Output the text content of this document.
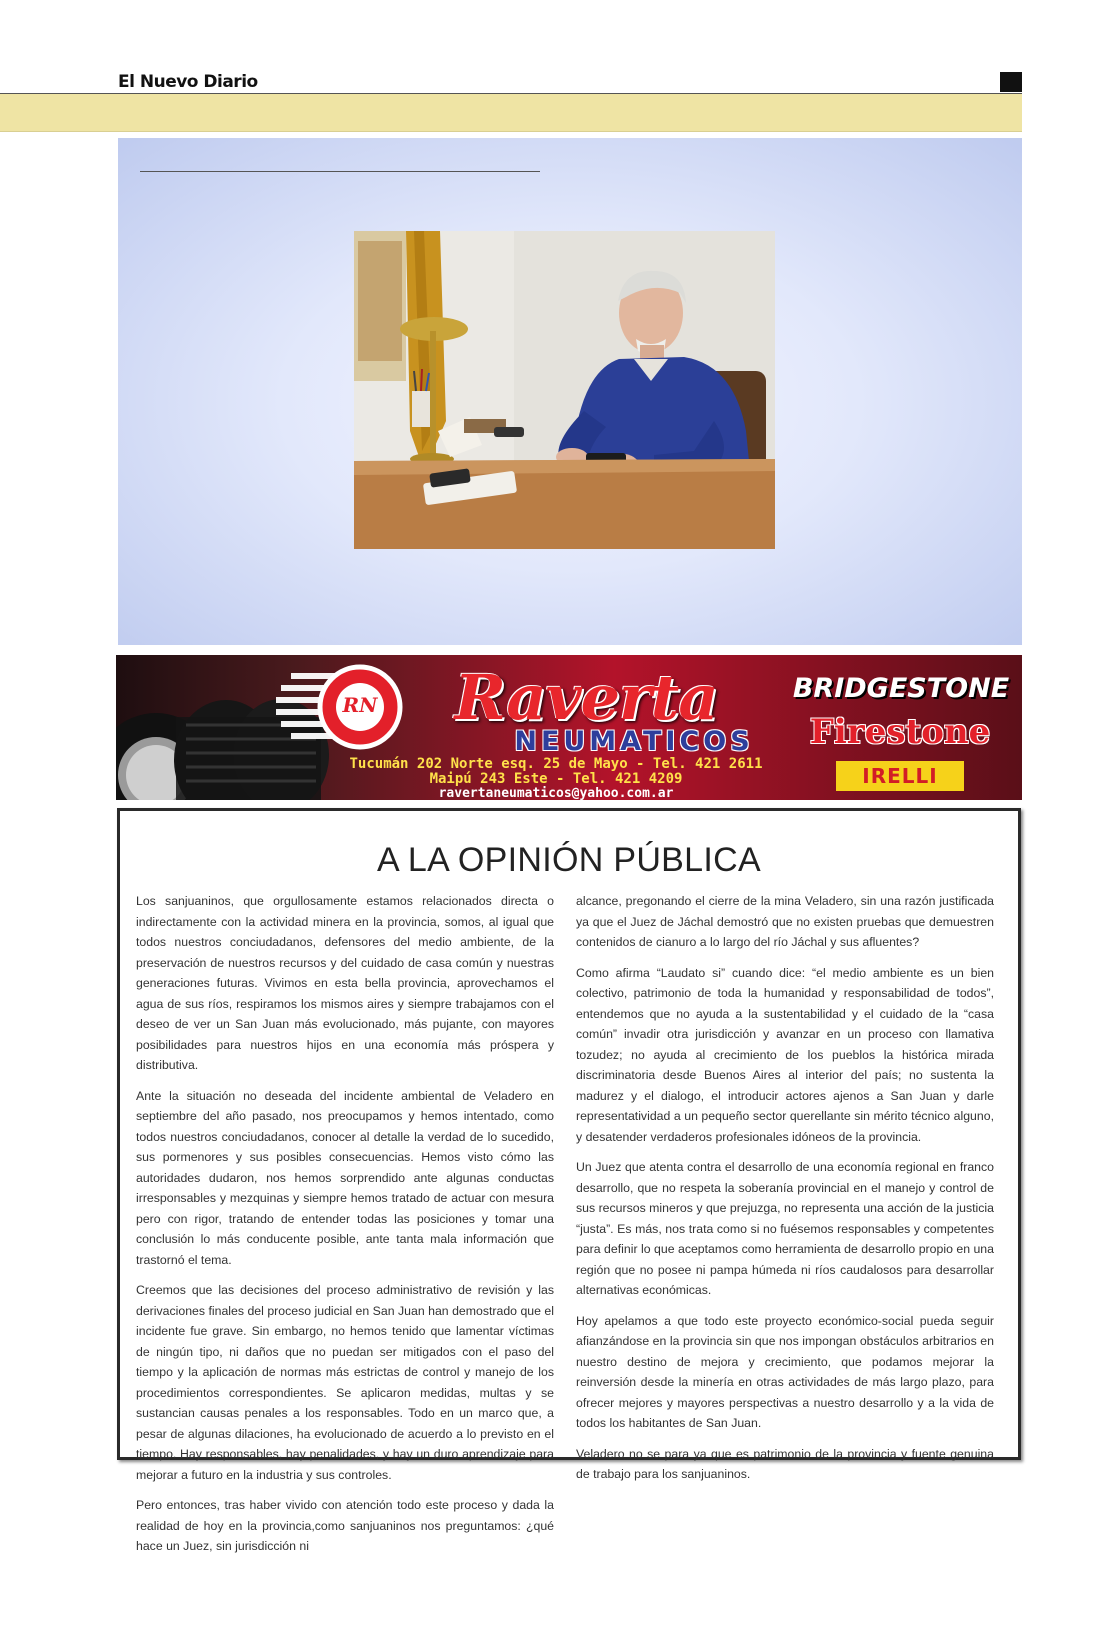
El Nuevo Diario
RN Raverta
NEUMATICOS
Tucumán 202 Norte esq. 25 de Mayo - Tel. 421 2611
Maipú 243 Este - Tel. 421 4209
ravertaneumaticos@yahoo.com.ar
BRIDGESTONE
Firestone
IRELLI
A LA OPINIÓN PÚBLICA

Los sanjuaninos, que orgullosamente estamos relacionados directa o indirectamente con la actividad minera en la provincia, somos, al igual que todos nuestros conciudadanos, defensores del medio ambiente, de la preservación de nuestros recursos y del cuidado de casa común y nuestras generaciones futuras. Vivimos en esta bella provincia, aprovechamos el agua de sus ríos, respiramos los mismos aires y siempre trabajamos con el deseo de ver un San Juan más evolucionado, más pujante, con mayores posibilidades para nuestros hijos en una economía más próspera y distributiva.

Ante la situación no deseada del incidente ambiental de Veladero en septiembre del año pasado, nos preocupamos y hemos intentado, como todos nuestros conciudadanos, conocer al detalle la verdad de lo sucedido, sus pormenores y sus posibles consecuencias. Hemos visto cómo las autoridades dudaron, nos hemos sorprendido ante algunas conductas irresponsables y mezquinas y siempre hemos tratado de actuar con mesura pero con rigor, tratando de entender todas las posiciones y tomar una conclusión lo más conducente posible, ante tanta mala información que trastornó el tema.

Creemos que las decisiones del proceso administrativo de revisión y las derivaciones finales del proceso judicial en San Juan han demostrado que el incidente fue grave. Sin embargo, no hemos tenido que lamentar víctimas de ningún tipo, ni daños que no puedan ser mitigados con el paso del tiempo y la aplicación de normas más estrictas de control y manejo de los procedimientos correspondientes. Se aplicaron medidas, multas y se sustancian causas penales a los responsables. Todo en un marco que, a pesar de algunas dilaciones, ha evolucionado de acuerdo a lo previsto en el tiempo. Hay responsables, hay penalidades, y hay un duro aprendizaje para mejorar a futuro en la industria y sus controles.

Pero entonces, tras haber vivido con atención todo este proceso y dada la realidad de hoy en la provincia,como sanjuaninos nos preguntamos: ¿qué hace un Juez, sin jurisdicción ni

alcance, pregonando el cierre de la mina Veladero, sin una razón justificada ya que el Juez de Jáchal demostró que no existen pruebas que demuestren contenidos de cianuro a lo largo del río Jáchal y sus afluentes?

Como afirma “Laudato si” cuando dice: “el medio ambiente es un bien colectivo, patrimonio de toda la humanidad y responsabilidad de todos”, entendemos que no ayuda a la sustentabilidad y el cuidado de la “casa común” invadir otra jurisdicción y avanzar en un proceso con llamativa tozudez; no ayuda al crecimiento de los pueblos la histórica mirada discriminatoria desde Buenos Aires al interior del país; no sustenta la madurez y el dialogo, el introducir actores ajenos a San Juan y darle representatividad a un pequeño sector querellante sin mérito técnico alguno, y desatender verdaderos profesionales idóneos de la provincia.

Un Juez que atenta contra el desarrollo de una economía regional en franco desarrollo, que no respeta la soberanía provincial en el manejo y control de sus recursos mineros y que prejuzga, no representa una acción de la justicia “justa”. Es más, nos trata como si no fuésemos responsables y competentes para definir lo que aceptamos como herramienta de desarrollo propio en una región que no posee ni pampa húmeda ni ríos caudalosos para desarrollar alternativas económicas.

Hoy apelamos a que todo este proyecto económico-social pueda seguir afianzándose en la provincia sin que nos impongan obstáculos arbitrarios en nuestro destino de mejora y crecimiento, que podamos mejorar la reinversión desde la minería en otras actividades de más largo plazo, para ofrecer mejores y mayores perspectivas a nuestro desarrollo y a la vida de todos los habitantes de San Juan.

Veladero no se para ya que es patrimonio de la provincia y fuente genuina de trabajo para los sanjuaninos.
